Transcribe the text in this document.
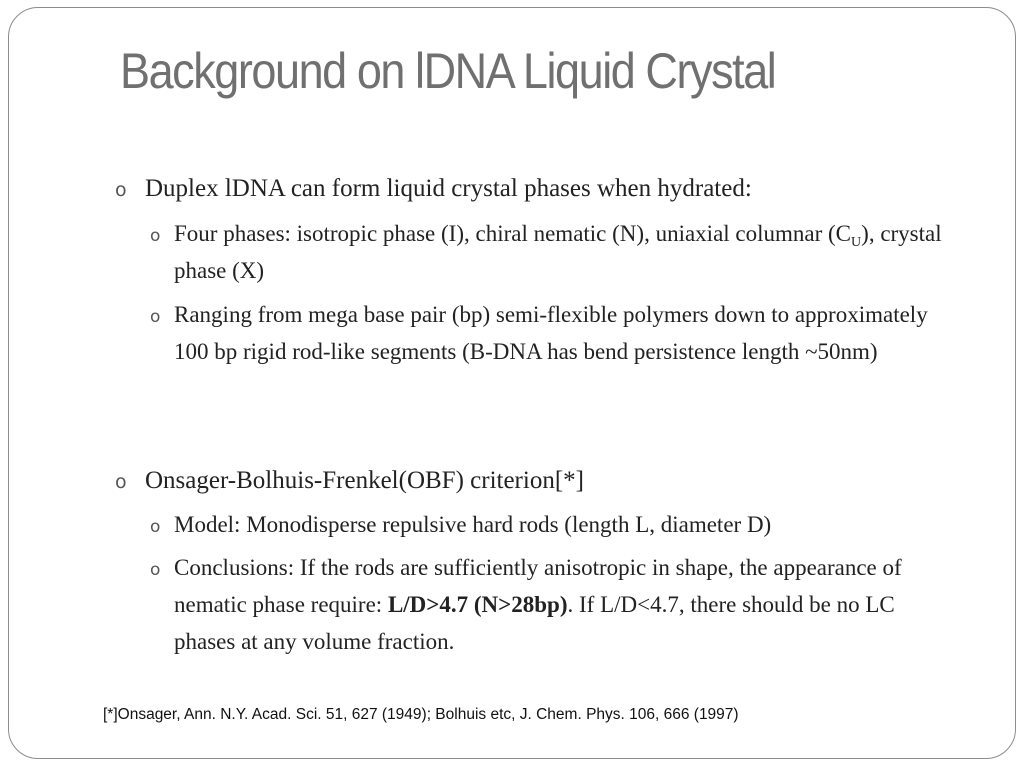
Background on lDNA Liquid Crystal
o Duplex lDNA can form liquid crystal phases when hydrated:
o Four phases: isotropic phase (I), chiral nematic (N), uniaxial columnar $(C_U)$, crystal phase (X)
o Ranging from mega base pair (bp) semi-flexible polymers down to approximately 100 bp rigid rod-like segments (B-DNA has bend persistence length ~50nm)
o Onsager-Bolhuis-Frenkel(OBF) criterion[*]
o Model: Monodisperse repulsive hard rods (length L, diameter D)
o Conclusions: If the rods are sufficiently anisotropic in shape, the appearance of nematic phase require: L/D>4.7 (N>28bp). If L/D<4.7, there should be no LC phases at any volume fraction.
[*]Onsager, Ann. N.Y. Acad. Sci. 51, 627 (1949); Bolhuis etc, J. Chem. Phys. 106, 666 (1997)
